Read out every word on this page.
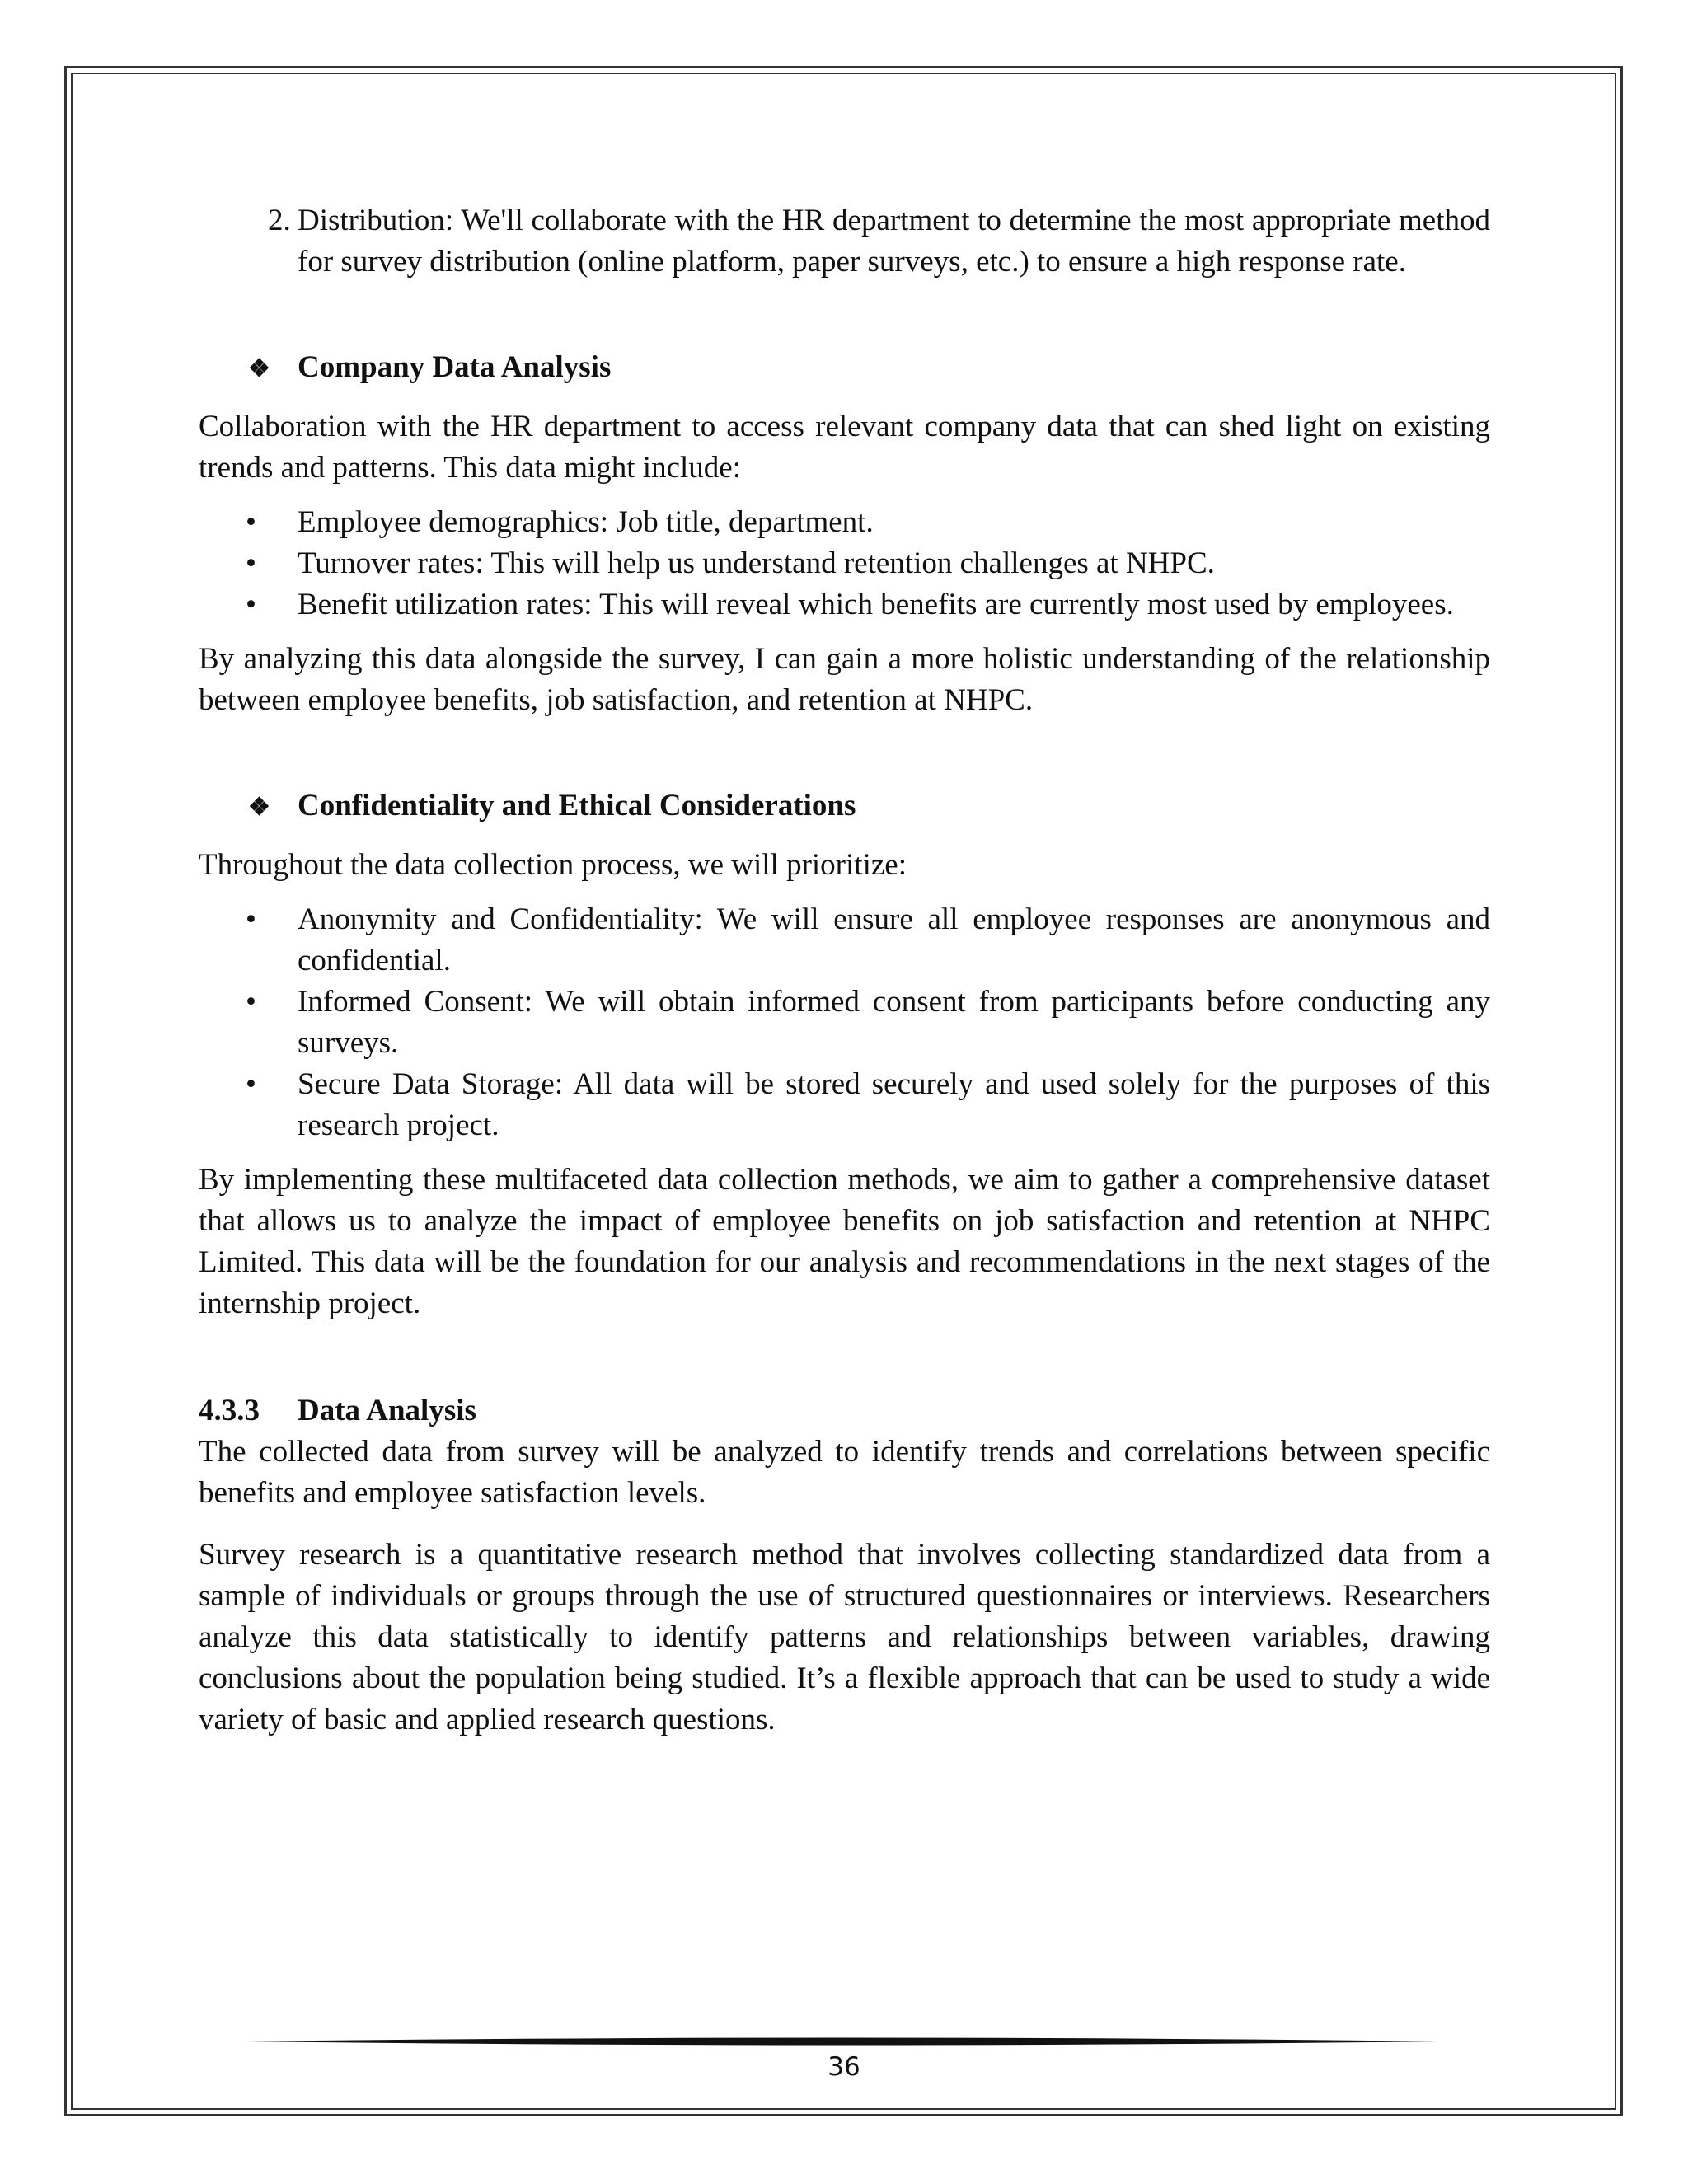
2. Distribution: We'll collaborate with the HR department to determine the most appropriate method for survey distribution (online platform, paper surveys, etc.) to ensure a high response rate.
❖ Company Data Analysis

Collaboration with the HR department to access relevant company data that can shed light on existing trends and patterns. This data might include:

•	Employee demographics: Job title, department.
•	Turnover rates: This will help us understand retention challenges at NHPC.
•	Benefit utilization rates: This will reveal which benefits are currently most used by employees.

By analyzing this data alongside the survey, I can gain a more holistic understanding of the relationship between employee benefits, job satisfaction, and retention at NHPC.

❖ Confidentiality and Ethical Considerations

Throughout the data collection process, we will prioritize:

•	Anonymity and Confidentiality: We will ensure all employee responses are anonymous and confidential.
•	Informed Consent: We will obtain informed consent from participants before conducting any surveys.
•	Secure Data Storage: All data will be stored securely and used solely for the purposes of this research project.

By implementing these multifaceted data collection methods, we aim to gather a comprehensive dataset that allows us to analyze the impact of employee benefits on job satisfaction and retention at NHPC Limited. This data will be the foundation for our analysis and recommendations in the next stages of the internship project.

4.3.3	Data Analysis

The collected data from survey will be analyzed to identify trends and correlations between specific benefits and employee satisfaction levels.

Survey research is a quantitative research method that involves collecting standardized data from a sample of individuals or groups through the use of structured questionnaires or interviews. Researchers analyze this data statistically to identify patterns and relationships between variables, drawing conclusions about the population being studied. It’s a flexible approach that can be used to study a wide variety of basic and applied research questions.

36
